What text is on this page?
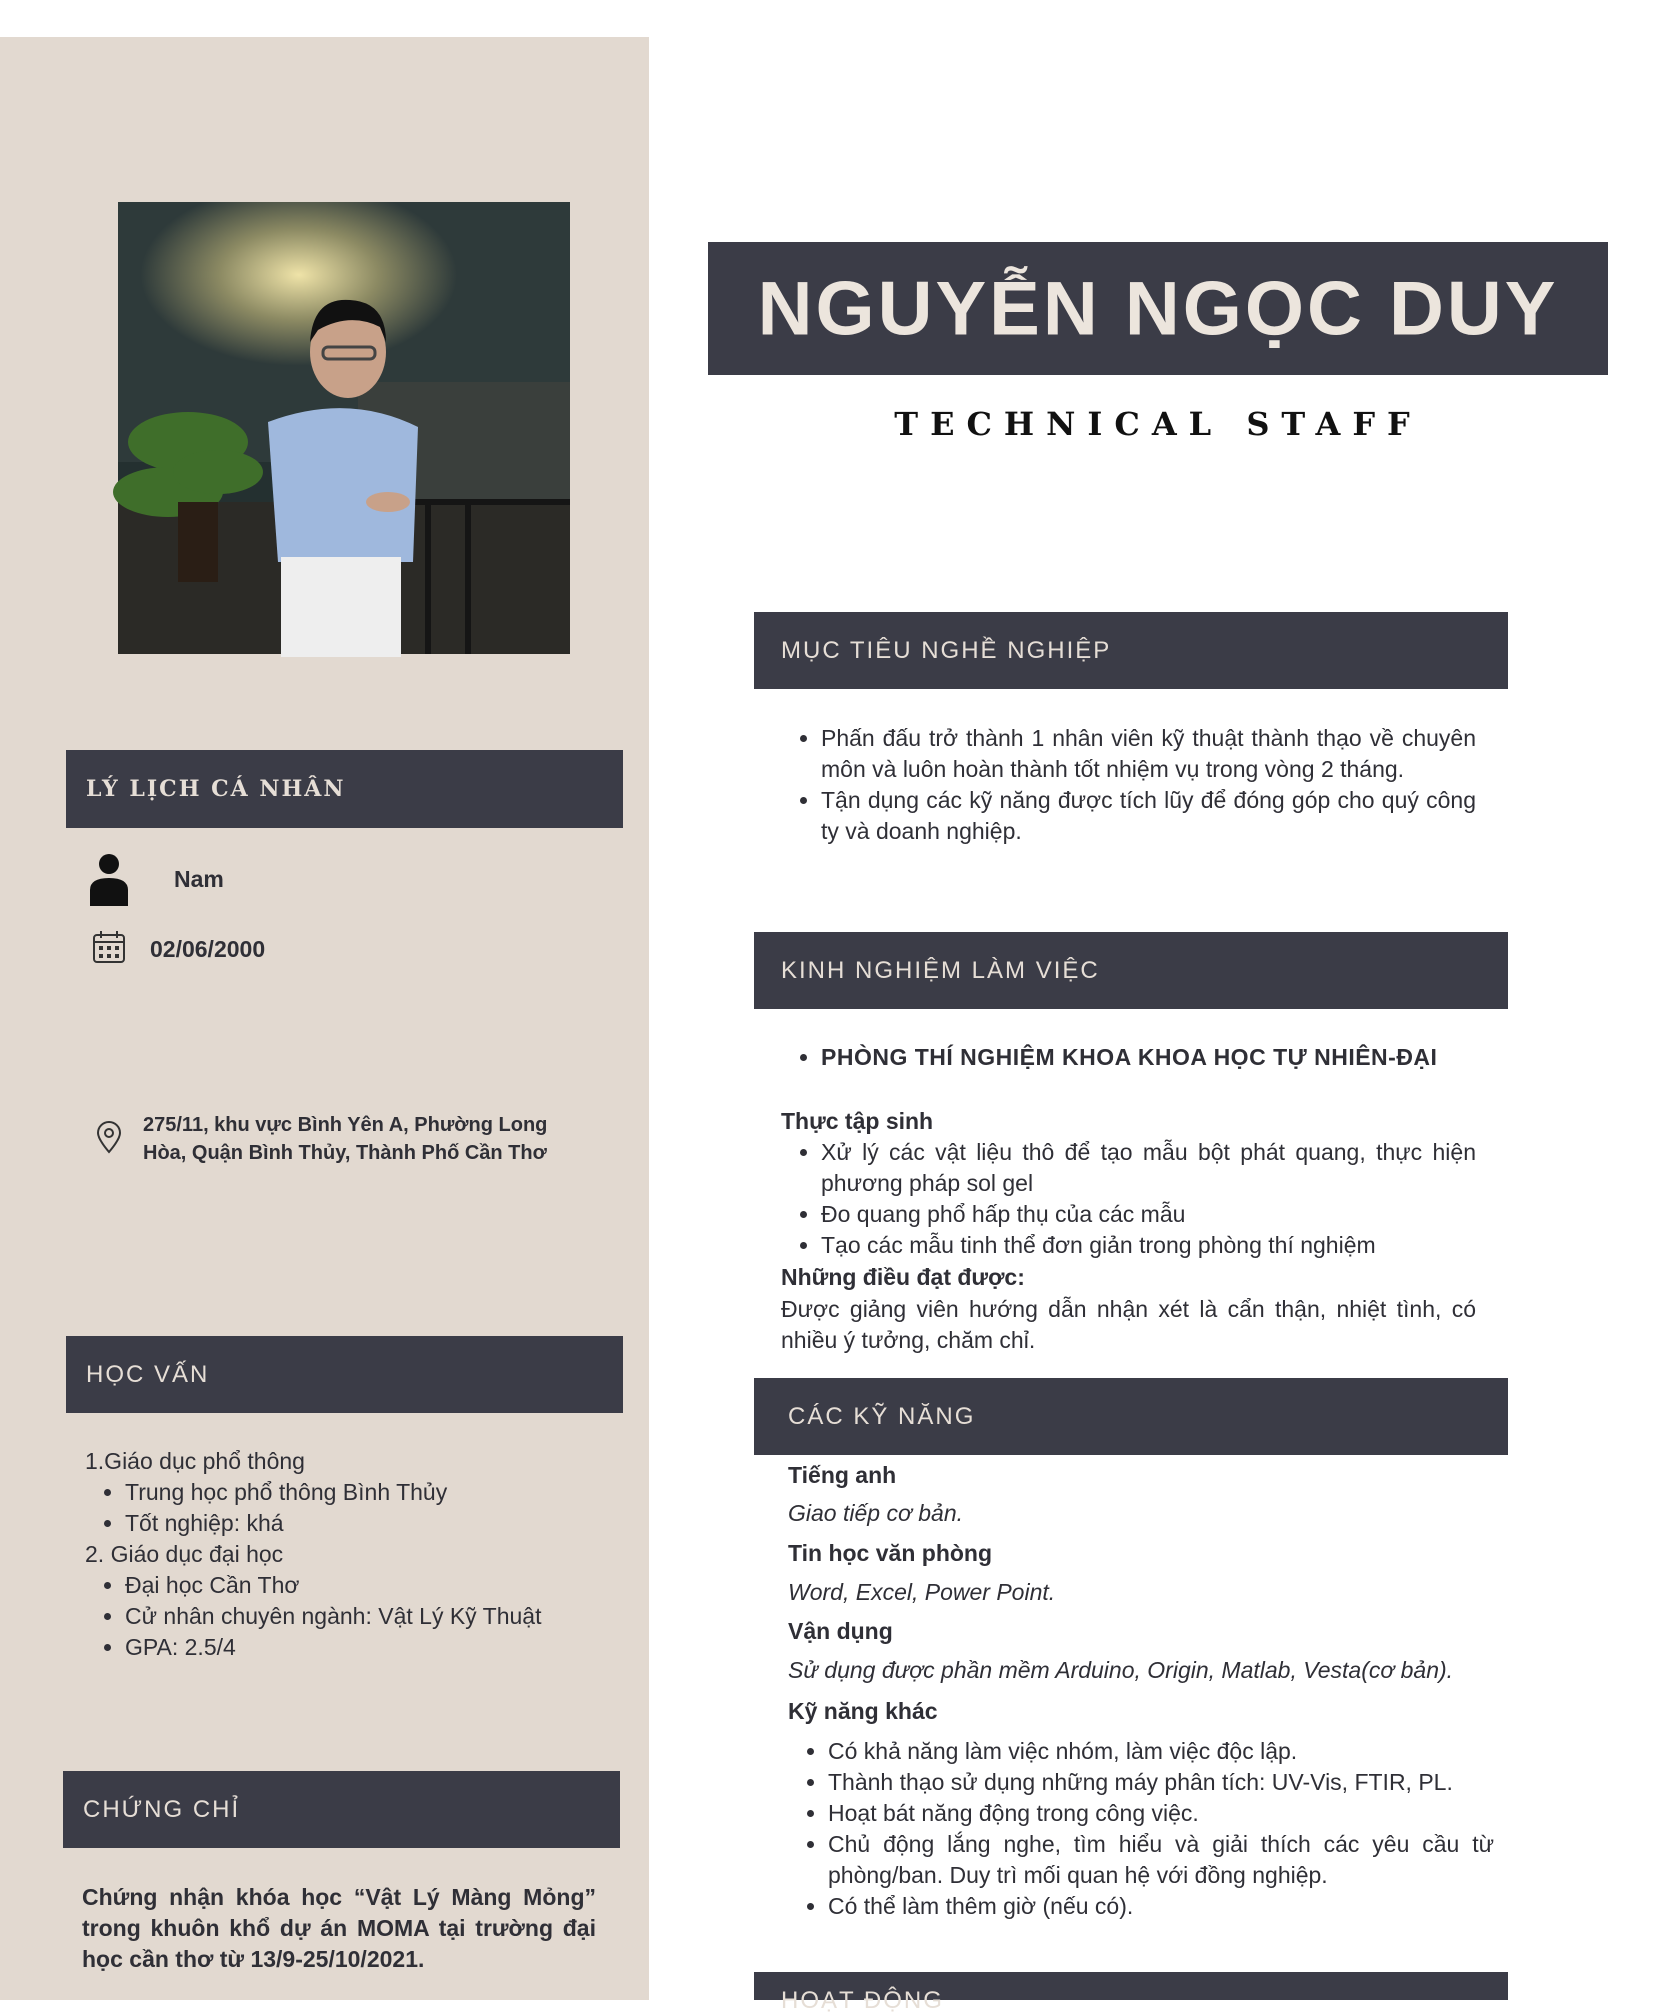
NGUYỄN NGỌC DUY
TECHNICAL STAFF
LÝ LỊCH CÁ NHÂN
Nam
02/06/2000
275/11, khu vực Bình Yên A, Phường Long
Hòa, Quận Bình Thủy, Thành Phố Cần Thơ
HỌC VẤN
1.Giáo dục phổ thông
• Trung học phổ thông Bình Thủy
• Tốt nghiệp: khá
2. Giáo dục đại học
• Đại học Cần Thơ
• Cử nhân chuyên ngành: Vật Lý Kỹ Thuật
• GPA: 2.5/4
CHỨNG CHỈ
Chứng nhận khóa học “Vật Lý Màng Mỏng” trong khuôn khổ dự án MOMA tại trường đại học cần thơ từ 13/9-25/10/2021.
MỤC TIÊU NGHỀ NGHIỆP
• Phấn đấu trở thành 1 nhân viên kỹ thuật thành thạo về chuyên môn và luôn hoàn thành tốt nhiệm vụ trong vòng 2 tháng.
• Tận dụng các kỹ năng được tích lũy để đóng góp cho quý công ty và doanh nghiệp.
KINH NGHIỆM LÀM VIỆC
• PHÒNG THÍ NGHIỆM KHOA KHOA HỌC TỰ NHIÊN-ĐẠI
Thực tập sinh
• Xử lý các vật liệu thô để tạo mẫu bột phát quang, thực hiện phương pháp sol gel
• Đo quang phổ hấp thụ của các mẫu
• Tạo các mẫu tinh thể đơn giản trong phòng thí nghiệm
Những điều đạt được:
Được giảng viên hướng dẫn nhận xét là cẩn thận, nhiệt tình, có nhiều ý tưởng, chăm chỉ.
CÁC KỸ NĂNG
Tiếng anh
Giao tiếp cơ bản.
Tin học văn phòng
Word, Excel, Power Point.
Vận dụng
Sử dụng được phần mềm Arduino, Origin, Matlab, Vesta(cơ bản).
Kỹ năng khác
• Có khả năng làm việc nhóm, làm việc độc lập.
• Thành thạo sử dụng những máy phân tích: UV-Vis, FTIR, PL.
• Hoạt bát năng động trong công việc.
• Chủ động lắng nghe, tìm hiểu và giải thích các yêu cầu từ phòng/ban. Duy trì mối quan hệ với đồng nghiệp.
• Có thể làm thêm giờ (nếu có).
HOẠT ĐỘNG
